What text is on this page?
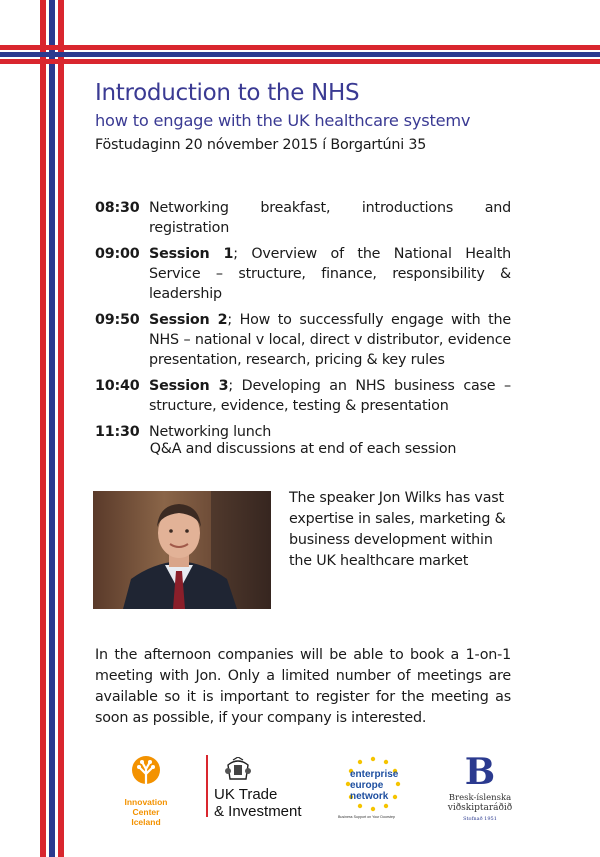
Introduction to the NHS
how to engage with the UK healthcare systemv
Föstudaginn 20 nóvember 2015 í Borgartúni 35
08:30 Networking breakfast, introductions and registration
09:00 Session 1; Overview of the National Health Service – structure, finance, responsibility & leadership
09:50 Session 2; How to successfully engage with the NHS – national v local, direct v distributor, evidence presentation, research, pricing & key rules
10:40 Session 3; Developing an NHS business case – structure, evidence, testing & presentation
11:30 Networking lunch
Q&A and discussions at end of each session
The speaker Jon Wilks has vast expertise in sales, marketing & business development within the UK healthcare market
In the afternoon companies will be able to book a 1-on-1 meeting with Jon. Only a limited number of meetings are available so it is important to register for the meeting as soon as possible, if your company is interested.
Innovation Center
Iceland
UK Trade
& Investment
enterprise
europe
network
Business Support on Your Doorstep
B
Bresk-íslenska
viðskiptaráðið
Stofnað 1951
